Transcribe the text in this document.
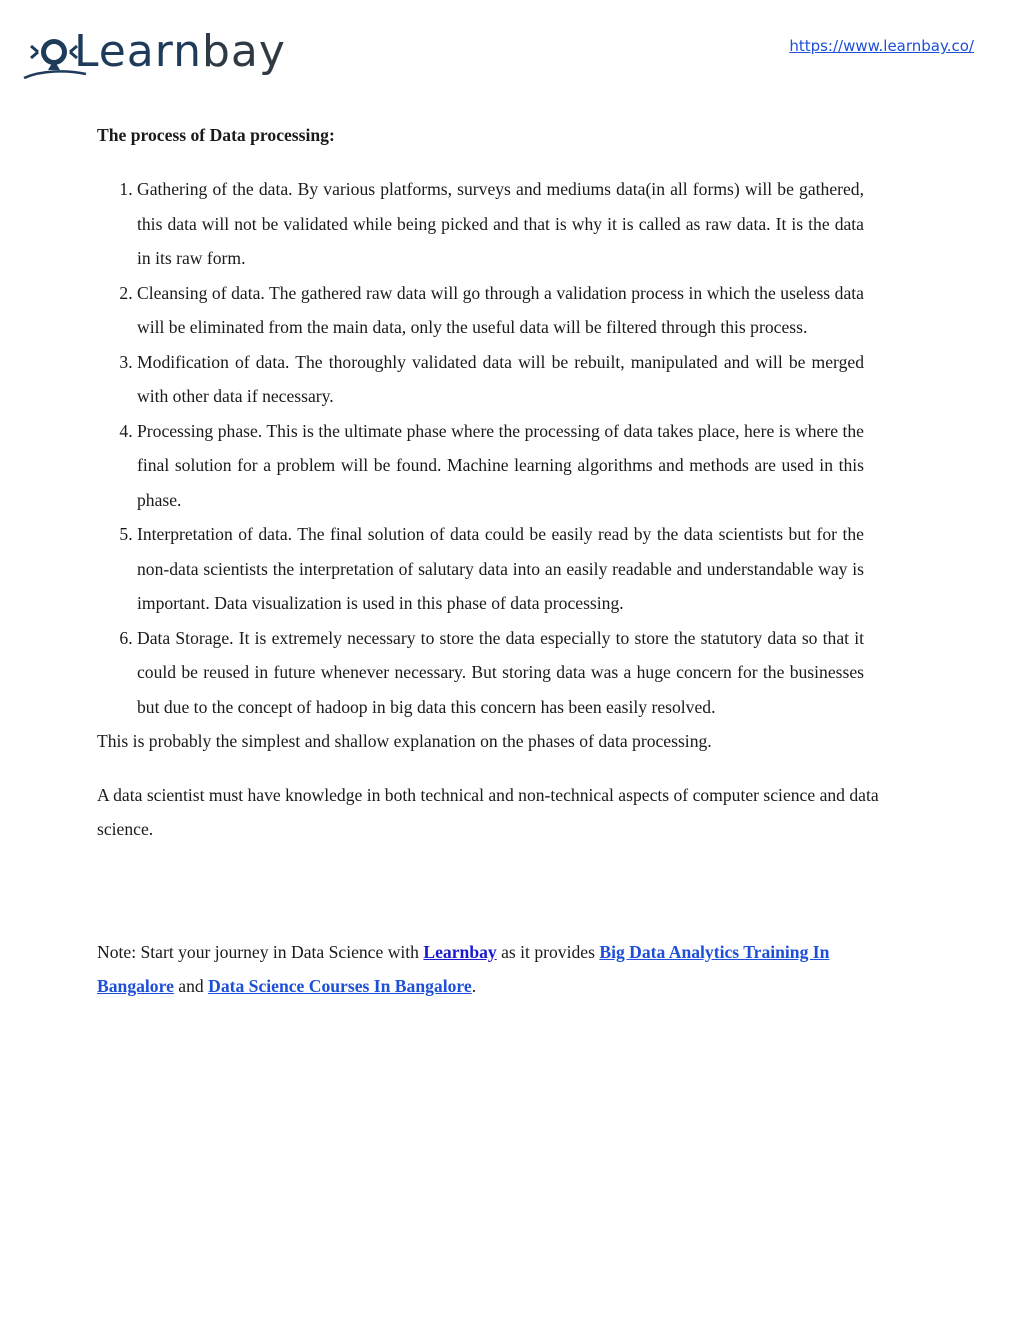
Learnbay	https://www.learnbay.co/

The process of Data processing:

1. Gathering of the data. By various platforms, surveys and mediums data(in all forms) will be gathered, this data will not be validated while being picked and that is why it is called as raw data. It is the data in its raw form.
2. Cleansing of data. The gathered raw data will go through a validation process in which the useless data will be eliminated from the main data, only the useful data will be filtered through this process.
3. Modification of data. The thoroughly validated data will be rebuilt, manipulated and will be merged with other data if necessary.
4. Processing phase. This is the ultimate phase where the processing of data takes place, here is where the final solution for a problem will be found. Machine learning algorithms and methods are used in this phase.
5. Interpretation of data. The final solution of data could be easily read by the data scientists but for the non-data scientists the interpretation of salutary data into an easily readable and understandable way is important. Data visualization is used in this phase of data processing.
6. Data Storage. It is extremely necessary to store the data especially to store the statutory data so that it could be reused in future whenever necessary. But storing data was a huge concern for the businesses but due to the concept of hadoop in big data this concern has been easily resolved.

This is probably the simplest and shallow explanation on the phases of data processing.

A data scientist must have knowledge in both technical and non-technical aspects of computer science and data science.

Note: Start your journey in Data Science with Learnbay as it provides Big Data Analytics Training In Bangalore and Data Science Courses In Bangalore.
